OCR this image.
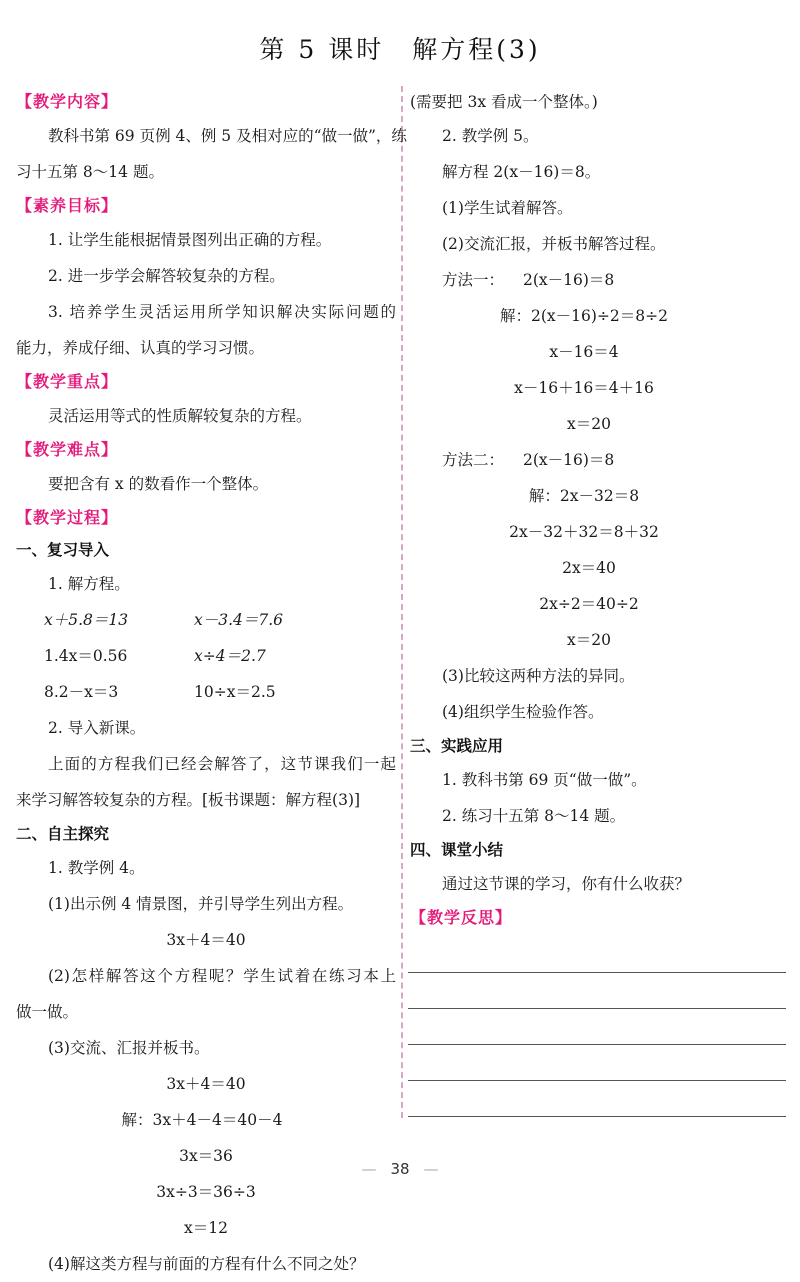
第 5 课时　解方程(3)
【教学内容】
教科书第 69 页例 4、例 5 及相对应的“做一做”，练
习十五第 8～14 题。
【素养目标】
1. 让学生能根据情景图列出正确的方程。
2. 进一步学会解答较复杂的方程。
3. 培养学生灵活运用所学知识解决实际问题的
能力，养成仔细、认真的学习习惯。
【教学重点】
灵活运用等式的性质解较复杂的方程。
【教学难点】
要把含有 x 的数看作一个整体。
【教学过程】
一、复习导入
1. 解方程。
x＋5.8＝13	x－3.4＝7.6
1.4x＝0.56	x÷4＝2.7
8.2－x＝3	10÷x＝2.5
2. 导入新课。
上面的方程我们已经会解答了，这节课我们一起
来学习解答较复杂的方程。[板书课题：解方程(3)]
二、自主探究
1. 教学例 4。
(1)出示例 4 情景图，并引导学生列出方程。
3x＋4＝40
(2)怎样解答这个方程呢？学生试着在练习本上
做一做。
(3)交流、汇报并板书。
3x＋4＝40
解：3x＋4－4＝40－4
3x＝36
3x÷3＝36÷3
x＝12
(4)解这类方程与前面的方程有什么不同之处？
(需要把 3x 看成一个整体。)
2. 教学例 5。
解方程 2(x－16)＝8。
(1)学生试着解答。
(2)交流汇报，并板书解答过程。
方法一： 2(x－16)＝8
解：2(x－16)÷2＝8÷2
x－16＝4
x－16＋16＝4＋16
x＝20
方法二： 2(x－16)＝8
解：2x－32＝8
2x－32＋32＝8＋32
2x＝40
2x÷2＝40÷2
x＝20
(3)比较这两种方法的异同。
(4)组织学生检验作答。
三、实践应用
1. 教科书第 69 页“做一做”。
2. 练习十五第 8～14 题。
四、课堂小结
通过这节课的学习，你有什么收获？
【教学反思】
— 38 —
